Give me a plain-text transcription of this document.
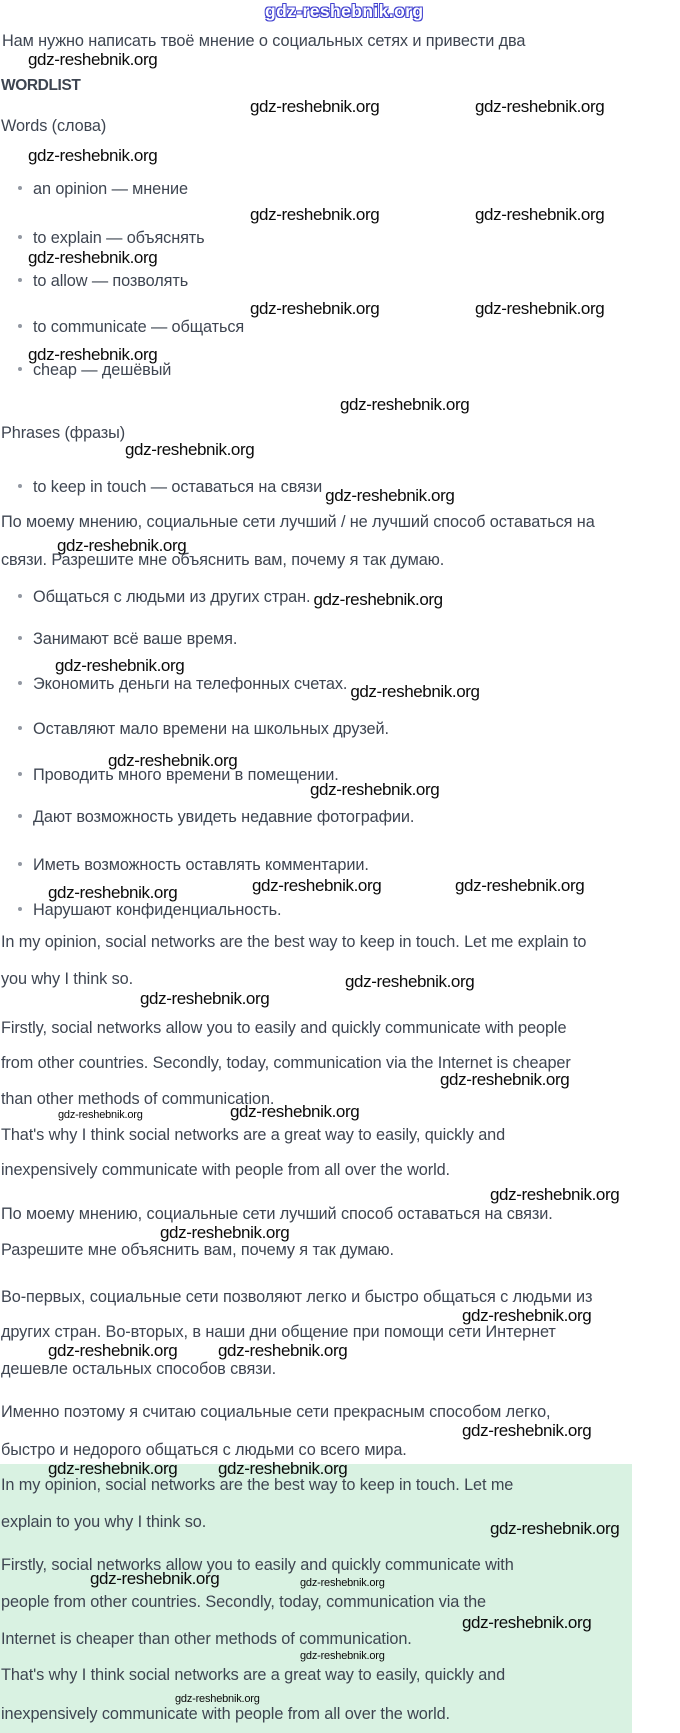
gdz-reshebnik.org
Нам нужно написать твоё мнение о социальных сетях и привести два
gdz-reshebnik.org
WORDLIST
gdz-reshebnik.org	gdz-reshebnik.org
Words (слова)
gdz-reshebnik.org
an opinion — мнение
gdz-reshebnik.org	gdz-reshebnik.org
to explain — объяснять
gdz-reshebnik.org
to allow — позволять
gdz-reshebnik.org	gdz-reshebnik.org
to communicate — общаться
gdz-reshebnik.org
cheap — дешёвый
gdz-reshebnik.org
Phrases (фразы)
gdz-reshebnik.org
to keep in touch — оставаться на связи gdz-reshebnik.org
По моему мнению, социальные сети лучший / не лучший способ оставаться на
gdz-reshebnik.org
связи. Разрешите мне объяснить вам, почему я так думаю.
Общаться с людьми из других стран. gdz-reshebnik.org
Занимают всё ваше время.
gdz-reshebnik.org
Экономить деньги на телефонных счетах. gdz-reshebnik.org
Оставляют мало времени на школьных друзей.
gdz-reshebnik.org
Проводить много времени в помещении.
gdz-reshebnik.org
Дают возможность увидеть недавние фотографии.
Иметь возможность оставлять комментарии.
gdz-reshebnik.org	gdz-reshebnik.org
gdz-reshebnik.org
Нарушают конфиденциальность.
In my opinion, social networks are the best way to keep in touch. Let me explain to
you why I think so.	gdz-reshebnik.org
gdz-reshebnik.org
Firstly, social networks allow you to easily and quickly communicate with people
from other countries. Secondly, today, communication via the Internet is cheaper
gdz-reshebnik.org
than other methods of communication.
gdz-reshebnik.org	gdz-reshebnik.org
That's why I think social networks are a great way to easily, quickly and
inexpensively communicate with people from all over the world.
gdz-reshebnik.org
По моему мнению, социальные сети лучший способ оставаться на связи.
gdz-reshebnik.org
Разрешите мне объяснить вам, почему я так думаю.
Во-первых, социальные сети позволяют легко и быстро общаться с людьми из
gdz-reshebnik.org
других стран. Во-вторых, в наши дни общение при помощи сети Интернет
gdz-reshebnik.org gdz-reshebnik.org
дешевле остальных способов связи.
Именно поэтому я считаю социальные сети прекрасным способом легко,
gdz-reshebnik.org
быстро и недорого общаться с людьми со всего мира.
gdz-reshebnik.org gdz-reshebnik.org
In my opinion, social networks are the best way to keep in touch. Let me
explain to you why I think so.	gdz-reshebnik.org
Firstly, social networks allow you to easily and quickly communicate with
gdz-reshebnik.org	gdz-reshebnik.org
people from other countries. Secondly, today, communication via the
gdz-reshebnik.org
Internet is cheaper than other methods of communication.
gdz-reshebnik.org
That's why I think social networks are a great way to easily, quickly and
gdz-reshebnik.org
inexpensively communicate with people from all over the world.
